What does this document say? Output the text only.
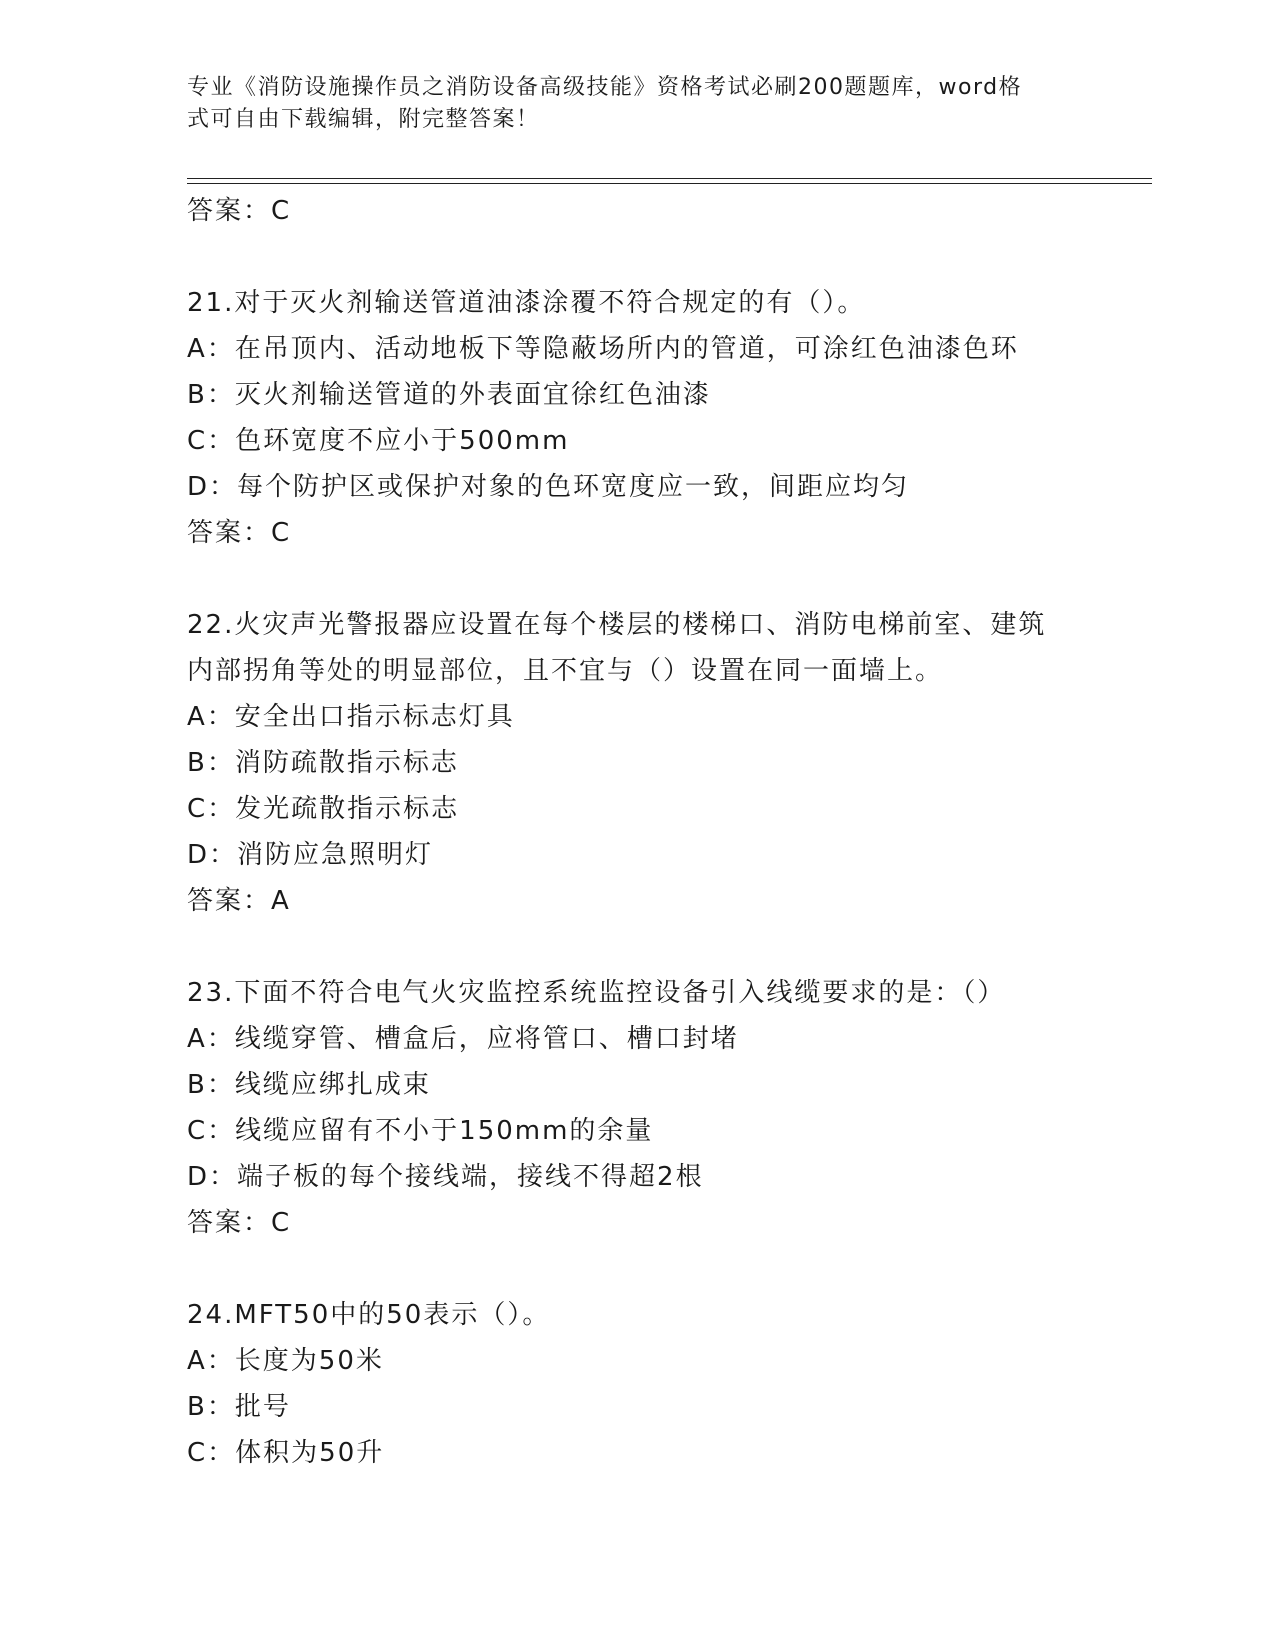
专业《消防设施操作员之消防设备高级技能》资格考试必刷200题题库，word格
式可自由下载编辑，附完整答案！
答案：C
21.对于灭火剂输送管道油漆涂覆不符合规定的有（）。
A：在吊顶内、活动地板下等隐蔽场所内的管道，可涂红色油漆色环
B：灭火剂输送管道的外表面宜徐红色油漆
C：色环宽度不应小于500mm
D：每个防护区或保护对象的色环宽度应一致，间距应均匀
答案：C
22.火灾声光警报器应设置在每个楼层的楼梯口、消防电梯前室、建筑
内部拐角等处的明显部位，且不宜与（）设置在同一面墙上。
A：安全出口指示标志灯具
B：消防疏散指示标志
C：发光疏散指示标志
D：消防应急照明灯
答案：A
23.下面不符合电气火灾监控系统监控设备引入线缆要求的是：（）
A：线缆穿管、槽盒后，应将管口、槽口封堵
B：线缆应绑扎成束
C：线缆应留有不小于150mm的余量
D：端子板的每个接线端，接线不得超2根
答案：C
24.MFT50中的50表示（）。
A：长度为50米
B：批号
C：体积为50升
